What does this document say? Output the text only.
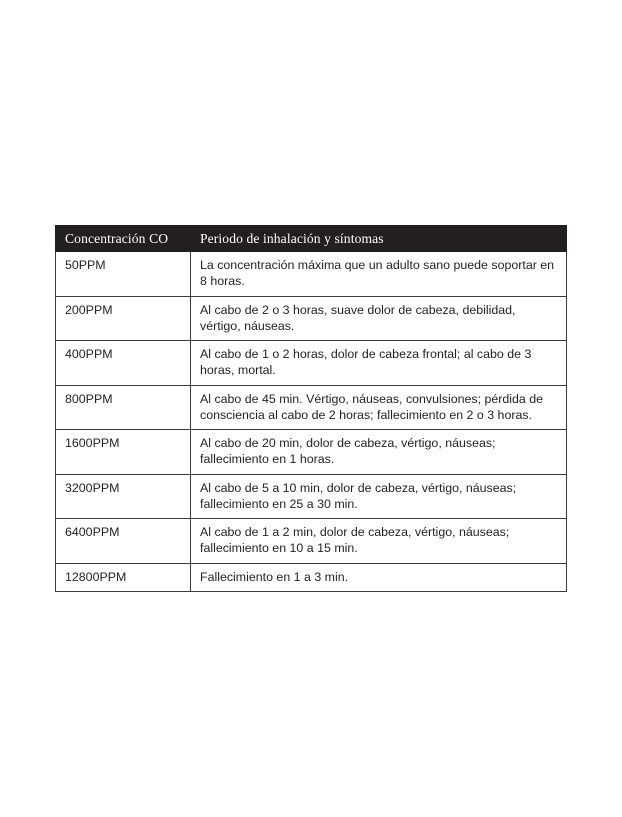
Concentración CO	Periodo de inhalación y síntomas
50PPM	La concentración máxima que un adulto sano puede soportar en 8 horas.
200PPM	Al cabo de 2 o 3 horas, suave dolor de cabeza, debilidad, vértigo, náuseas.
400PPM	Al cabo de 1 o 2 horas, dolor de cabeza frontal; al cabo de 3 horas, mortal.
800PPM	Al cabo de 45 min. Vértigo, náuseas, convulsiones; pérdida de consciencia al cabo de 2 horas; fallecimiento en 2 o 3 horas.
1600PPM	Al cabo de 20 min, dolor de cabeza, vértigo, náuseas; fallecimiento en 1 horas.
3200PPM	Al cabo de 5 a 10 min, dolor de cabeza, vértigo, náuseas; fallecimiento en 25 a 30 min.
6400PPM	Al cabo de 1 a 2 min, dolor de cabeza, vértigo, náuseas; fallecimiento en 10 a 15 min.
12800PPM	Fallecimiento en 1 a 3 min.
